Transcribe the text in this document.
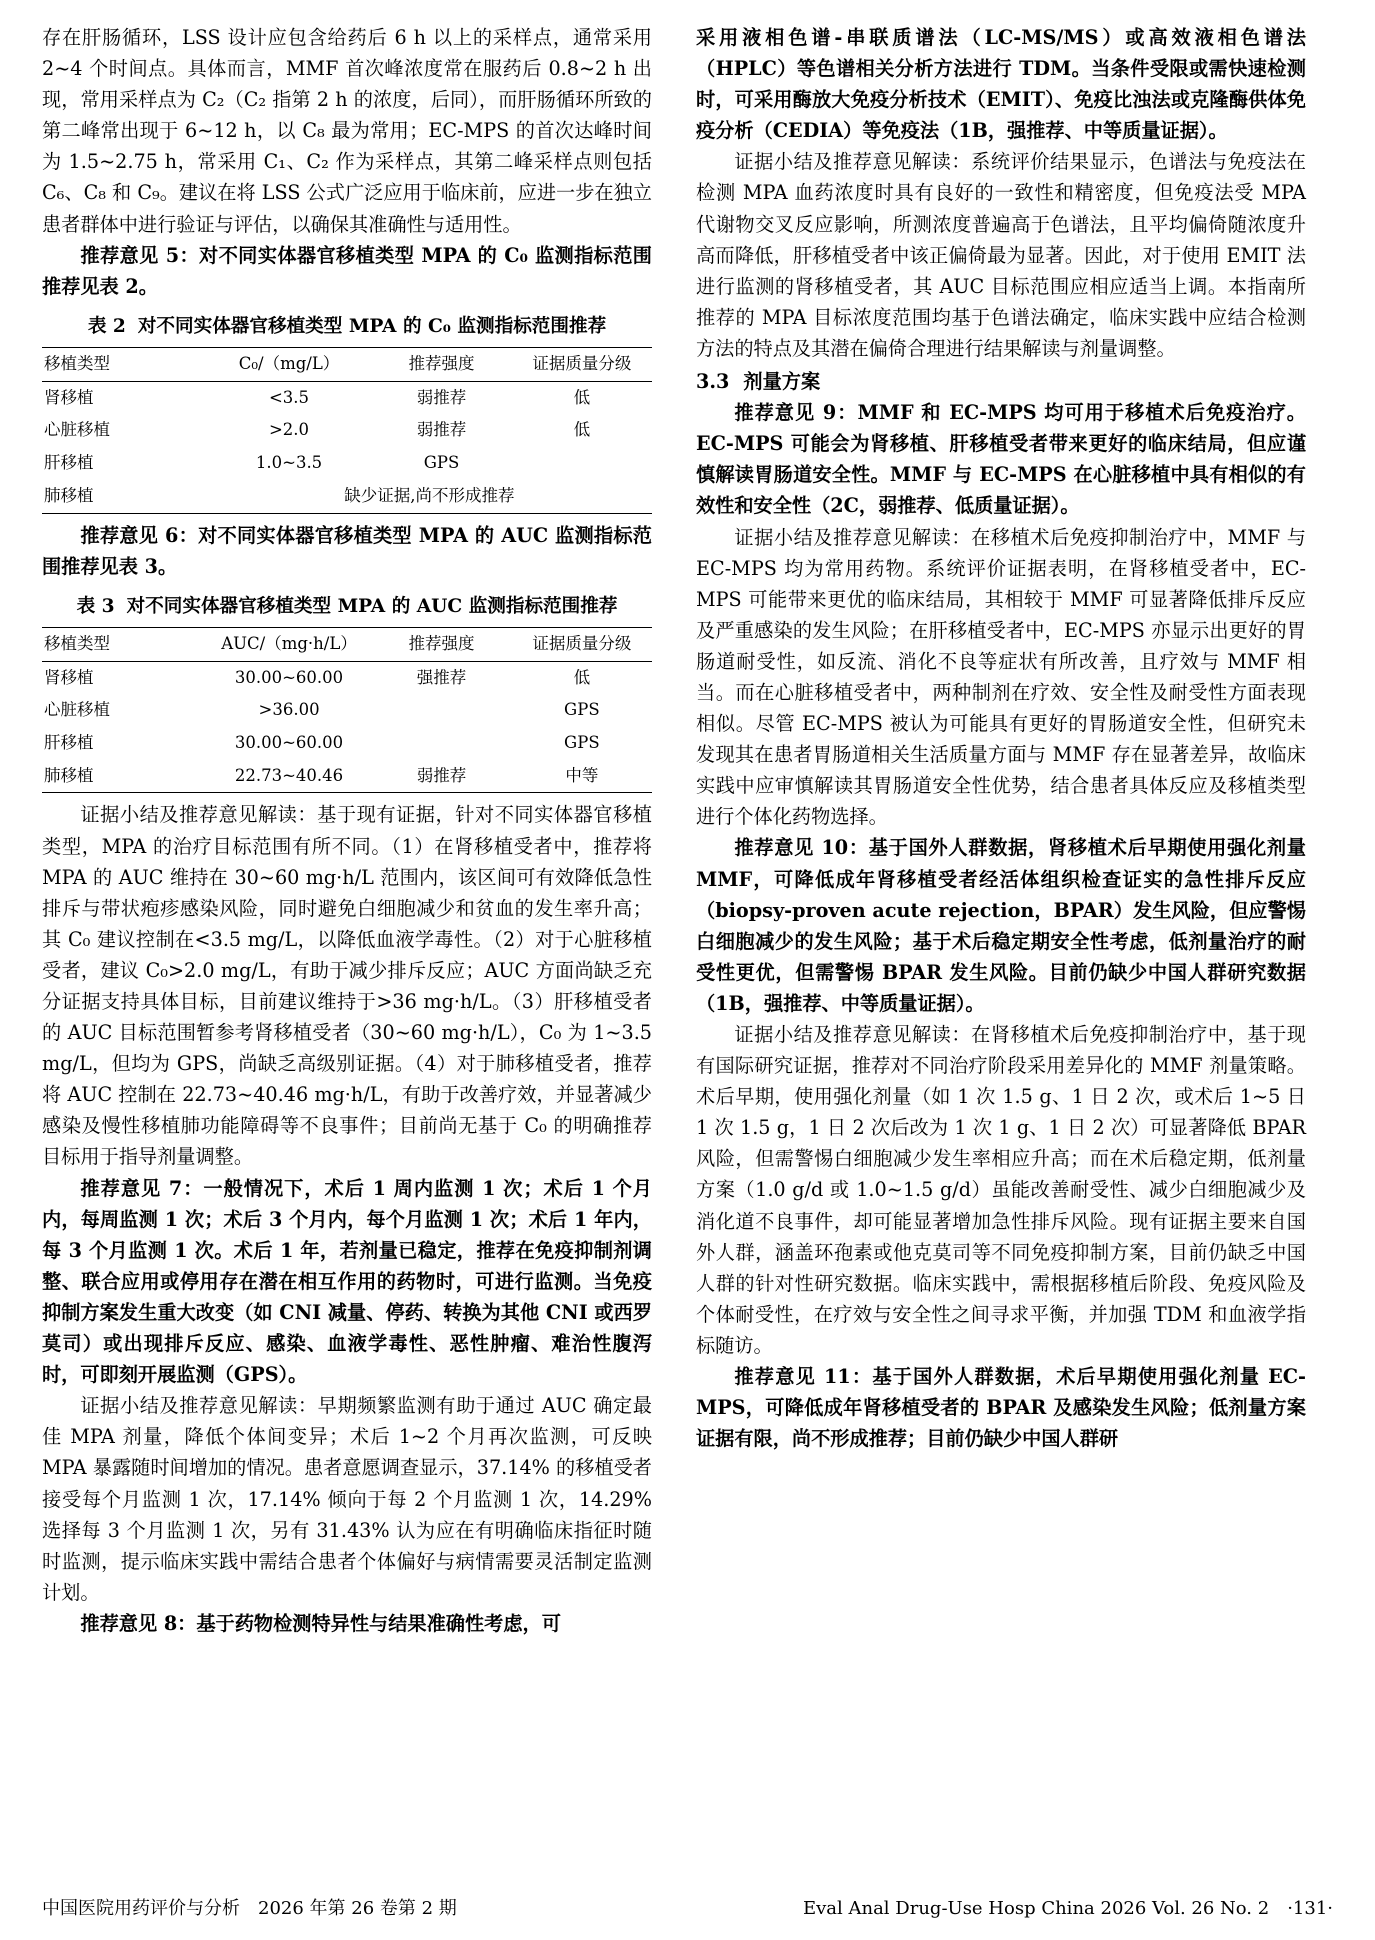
存在肝肠循环，LSS 设计应包含给药后 6 h 以上的采样点，通常采用 2~4 个时间点。具体而言，MMF 首次峰浓度常在服药后 0.8~2 h 出现，常用采样点为 C₂（C₂ 指第 2 h 的浓度，后同），而肝肠循环所致的第二峰常出现于 6~12 h，以 C₈ 最为常用；EC-MPS 的首次达峰时间为 1.5~2.75 h，常采用 C₁、C₂ 作为采样点，其第二峰采样点则包括 C₆、C₈ 和 C₉。建议在将 LSS 公式广泛应用于临床前，应进一步在独立患者群体中进行验证与评估，以确保其准确性与适用性。

推荐意见 5：对不同实体器官移植类型 MPA 的 C₀ 监测指标范围推荐见表 2。

表 2 对不同实体器官移植类型 MPA 的 C₀ 监测指标范围推荐
移植类型	C₀/（mg/L）	推荐强度	证据质量分级
肾移植	<3.5	弱推荐	低
心脏移植	>2.0	弱推荐	低
肝移植	1.0~3.5	GPS	
肺移植	缺少证据,尚不形成推荐		

推荐意见 6：对不同实体器官移植类型 MPA 的 AUC 监测指标范围推荐见表 3。

表 3 对不同实体器官移植类型 MPA 的 AUC 监测指标范围推荐
移植类型	AUC/（mg·h/L）	推荐强度	证据质量分级
肾移植	30.00~60.00	强推荐	低
心脏移植	>36.00		GPS
肝移植	30.00~60.00		GPS
肺移植	22.73~40.46	弱推荐	中等

证据小结及推荐意见解读：基于现有证据，针对不同实体器官移植类型，MPA 的治疗目标范围有所不同。（1）在肾移植受者中，推荐将 MPA 的 AUC 维持在 30~60 mg·h/L 范围内，该区间可有效降低急性排斥与带状疱疹感染风险，同时避免白细胞减少和贫血的发生率升高；其 C₀ 建议控制在<3.5 mg/L，以降低血液学毒性。（2）对于心脏移植受者，建议 C₀>2.0 mg/L，有助于减少排斥反应；AUC 方面尚缺乏充分证据支持具体目标，目前建议维持于>36 mg·h/L。（3）肝移植受者的 AUC 目标范围暂参考肾移植受者（30~60 mg·h/L），C₀ 为 1~3.5 mg/L，但均为 GPS，尚缺乏高级别证据。（4）对于肺移植受者，推荐将 AUC 控制在 22.73~40.46 mg·h/L，有助于改善疗效，并显著减少感染及慢性移植肺功能障碍等不良事件；目前尚无基于 C₀ 的明确推荐目标用于指导剂量调整。

推荐意见 7：一般情况下，术后 1 周内监测 1 次；术后 1 个月内，每周监测 1 次；术后 3 个月内，每个月监测 1 次；术后 1 年内，每 3 个月监测 1 次。术后 1 年，若剂量已稳定，推荐在免疫抑制剂调整、联合应用或停用存在潜在相互作用的药物时，可进行监测。当免疫抑制方案发生重大改变（如 CNI 减量、停药、转换为其他 CNI 或西罗莫司）或出现排斥反应、感染、血液学毒性、恶性肿瘤、难治性腹泻时，可即刻开展监测（GPS）。

证据小结及推荐意见解读：早期频繁监测有助于通过 AUC 确定最佳 MPA 剂量，降低个体间变异；术后 1~2 个月再次监测，可反映 MPA 暴露随时间增加的情况。患者意愿调查显示，37.14% 的移植受者接受每个月监测 1 次，17.14% 倾向于每 2 个月监测 1 次，14.29% 选择每 3 个月监测 1 次，另有 31.43% 认为应在有明确临床指征时随时监测，提示临床实践中需结合患者个体偏好与病情需要灵活制定监测计划。

推荐意见 8：基于药物检测特异性与结果准确性考虑，可

采用液相色谱-串联质谱法（LC-MS/MS）或高效液相色谱法（HPLC）等色谱相关分析方法进行 TDM。当条件受限或需快速检测时，可采用酶放大免疫分析技术（EMIT）、免疫比浊法或克隆酶供体免疫分析（CEDIA）等免疫法（1B，强推荐、中等质量证据）。

证据小结及推荐意见解读：系统评价结果显示，色谱法与免疫法在检测 MPA 血药浓度时具有良好的一致性和精密度，但免疫法受 MPA 代谢物交叉反应影响，所测浓度普遍高于色谱法，且平均偏倚随浓度升高而降低，肝移植受者中该正偏倚最为显著。因此，对于使用 EMIT 法进行监测的肾移植受者，其 AUC 目标范围应相应适当上调。本指南所推荐的 MPA 目标浓度范围均基于色谱法确定，临床实践中应结合检测方法的特点及其潜在偏倚合理进行结果解读与剂量调整。

3.3 剂量方案

推荐意见 9：MMF 和 EC-MPS 均可用于移植术后免疫治疗。EC-MPS 可能会为肾移植、肝移植受者带来更好的临床结局，但应谨慎解读胃肠道安全性。MMF 与 EC-MPS 在心脏移植中具有相似的有效性和安全性（2C，弱推荐、低质量证据）。

证据小结及推荐意见解读：在移植术后免疫抑制治疗中，MMF 与 EC-MPS 均为常用药物。系统评价证据表明，在肾移植受者中，EC-MPS 可能带来更优的临床结局，其相较于 MMF 可显著降低排斥反应及严重感染的发生风险；在肝移植受者中，EC-MPS 亦显示出更好的胃肠道耐受性，如反流、消化不良等症状有所改善，且疗效与 MMF 相当。而在心脏移植受者中，两种制剂在疗效、安全性及耐受性方面表现相似。尽管 EC-MPS 被认为可能具有更好的胃肠道安全性，但研究未发现其在患者胃肠道相关生活质量方面与 MMF 存在显著差异，故临床实践中应审慎解读其胃肠道安全性优势，结合患者具体反应及移植类型进行个体化药物选择。

推荐意见 10：基于国外人群数据，肾移植术后早期使用强化剂量 MMF，可降低成年肾移植受者经活体组织检查证实的急性排斥反应（biopsy-proven acute rejection，BPAR）发生风险，但应警惕白细胞减少的发生风险；基于术后稳定期安全性考虑，低剂量治疗的耐受性更优，但需警惕 BPAR 发生风险。目前仍缺少中国人群研究数据（1B，强推荐、中等质量证据）。

证据小结及推荐意见解读：在肾移植术后免疫抑制治疗中，基于现有国际研究证据，推荐对不同治疗阶段采用差异化的 MMF 剂量策略。术后早期，使用强化剂量（如 1 次 1.5 g、1 日 2 次，或术后 1~5 日 1 次 1.5 g，1 日 2 次后改为 1 次 1 g、1 日 2 次）可显著降低 BPAR 风险，但需警惕白细胞减少发生率相应升高；而在术后稳定期，低剂量方案（1.0 g/d 或 1.0~1.5 g/d）虽能改善耐受性、减少白细胞减少及消化道不良事件，却可能显著增加急性排斥风险。现有证据主要来自国外人群，涵盖环孢素或他克莫司等不同免疫抑制方案，目前仍缺乏中国人群的针对性研究数据。临床实践中，需根据移植后阶段、免疫风险及个体耐受性，在疗效与安全性之间寻求平衡，并加强 TDM 和血液学指标随访。

推荐意见 11：基于国外人群数据，术后早期使用强化剂量 EC-MPS，可降低成年肾移植受者的 BPAR 及感染发生风险；低剂量方案证据有限，尚不形成推荐；目前仍缺少中国人群研

中国医院用药评价与分析　2026 年第 26 卷第 2 期	Eval Anal Drug-Use Hosp China 2026 Vol. 26 No. 2　·131·
